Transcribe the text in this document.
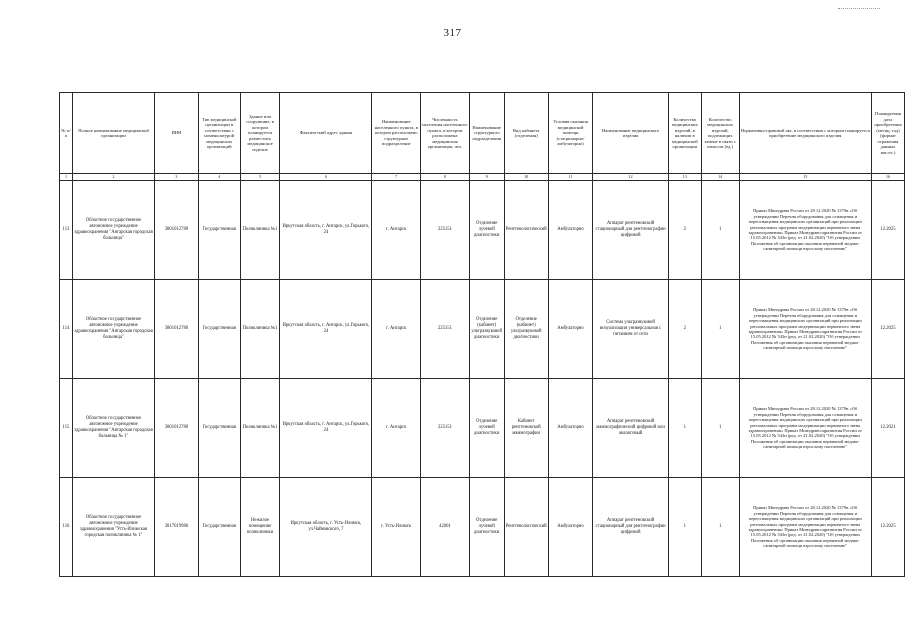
317
№ п/п	Полное наименование медицинской организации	ИНН	Тип медицинской организации в соответствии с номенклатурой медицинских организаций	Здание или сооружение, в котором планируется разместить медицинское изделие	Фактический адрес здания	Наименование населенного пункта, в котором расположено структурное подразделение	Численность населения населенного пункта, в котором расположена медицинская организация, чел.	Наименование структурного подразделения	Вид кабинета (отделения)	Условия оказания медицинской помощи (стационарно/амбулаторно)	Наименование медицинского изделия	Количество медицинских изделий, в наличии в медицинской организации	Количество медицинских изделий, подлежащих замене в связи с износом (ед.)	Нормативно-правовой акт, в соответствии с которым планируется приобретение медицинского изделия	Планируемая дата приобретения (месяц, год) (формат отражения данных мм.ггг.)
1	2	3	4	5	6	7	8	9	10	11	12	13	14	15	16
113	Областное государственное автономное учреждение здравоохранения "Ангарская городская больница"	3801012780	Государственная	Поликлиника №1	Иркутская область, г. Ангарск, ул.Горького, 24	г. Ангарск	225151	Отделение лучевой диагностики	Рентгенологический	Амбулаторно	Аппарат рентгеновский стационарный для рентгенографии цифровой	2	1	Приказ Минздрава России от 28.12.2020 № 1379н «Об утверждении Перечня оборудования для оснащения и переоснащения медицинских организаций при реализации региональных программ модернизации первичного звена здравоохранения» Приказ Минздравсоцразвития России от 15.05.2012 № 543н (ред. от 21.02.2020) "Об утверждении Положения об организации оказания первичной медико-санитарной помощи взрослому населению"	12.2025
114	Областное государственное автономное учреждение здравоохранения "Ангарская городская больница"	3801012780	Государственная	Поликлиника №1	Иркутская область, г. Ангарск, ул.Горького, 24	г. Ангарск	225151	Отделение (кабинет) ультразвуковой диагностики	Отделение (кабинет) ультразвуковой диагностики	Амбулаторно	Система ультразвуковой визуализации универсальная с питанием от сети	2	1	Приказ Минздрава России от 28.12.2020 № 1379н «Об утверждении Перечня оборудования для оснащения и переоснащения медицинских организаций при реализации региональных программ модернизации первичного звена здравоохранения» Приказ Минздравсоцразвития России от 15.05.2012 № 543н (ред. от 21.02.2020) "Об утверждении Положения об организации оказания первичной медико-санитарной помощи взрослому населению"	12.2025
115	Областное государственное автономное учреждение здравоохранения "Ангарская городская больница № 1"	3801012780	Государственная	Поликлиника №1	Иркутская область, г. Ангарск, ул.Горького, 24	г. Ангарск	225151	Отделение лучевой диагностики	Кабинет рентгеновской маммографии	Амбулаторно	Аппарат рентгеновский маммографический цифровой или аналоговый	1	1	Приказ Минздрава России от 28.12.2020 № 1379н «Об утверждении Перечня оборудования для оснащения и переоснащения медицинских организаций при реализации региональных программ модернизации первичного звена здравоохранения» Приказ Минздравсоцразвития России от 15.05.2012 № 543н (ред. от 21.02.2020) "Об утверждении Положения об организации оказания первичной медико-санитарной помощи взрослому населению"	12.2021
116	Областное государственное автономное учреждение здравоохранения "Усть-Илимская городская поликлиника № 1"	3817019986	Государственная	Нежилое помещение поликлиники	Иркутская область, г. Усть-Илимск, ул.Чайковского, 7	г. Усть-Илимск	42001	Отделение лучевой диагностики	Рентгенологический	Амбулаторно	Аппарат рентгеновский стационарный для рентгенографии цифровой	1	1	Приказ Минздрава России от 28.12.2020 № 1379н «Об утверждении Перечня оборудования для оснащения и переоснащения медицинских организаций при реализации региональных программ модернизации первичного звена здравоохранения» Приказ Минздравсоцразвития России от 15.05.2012 № 543н (ред. от 21.02.2020) "Об утверждении Положения об организации оказания первичной медико-санитарной помощи взрослому населению"	12.2025
